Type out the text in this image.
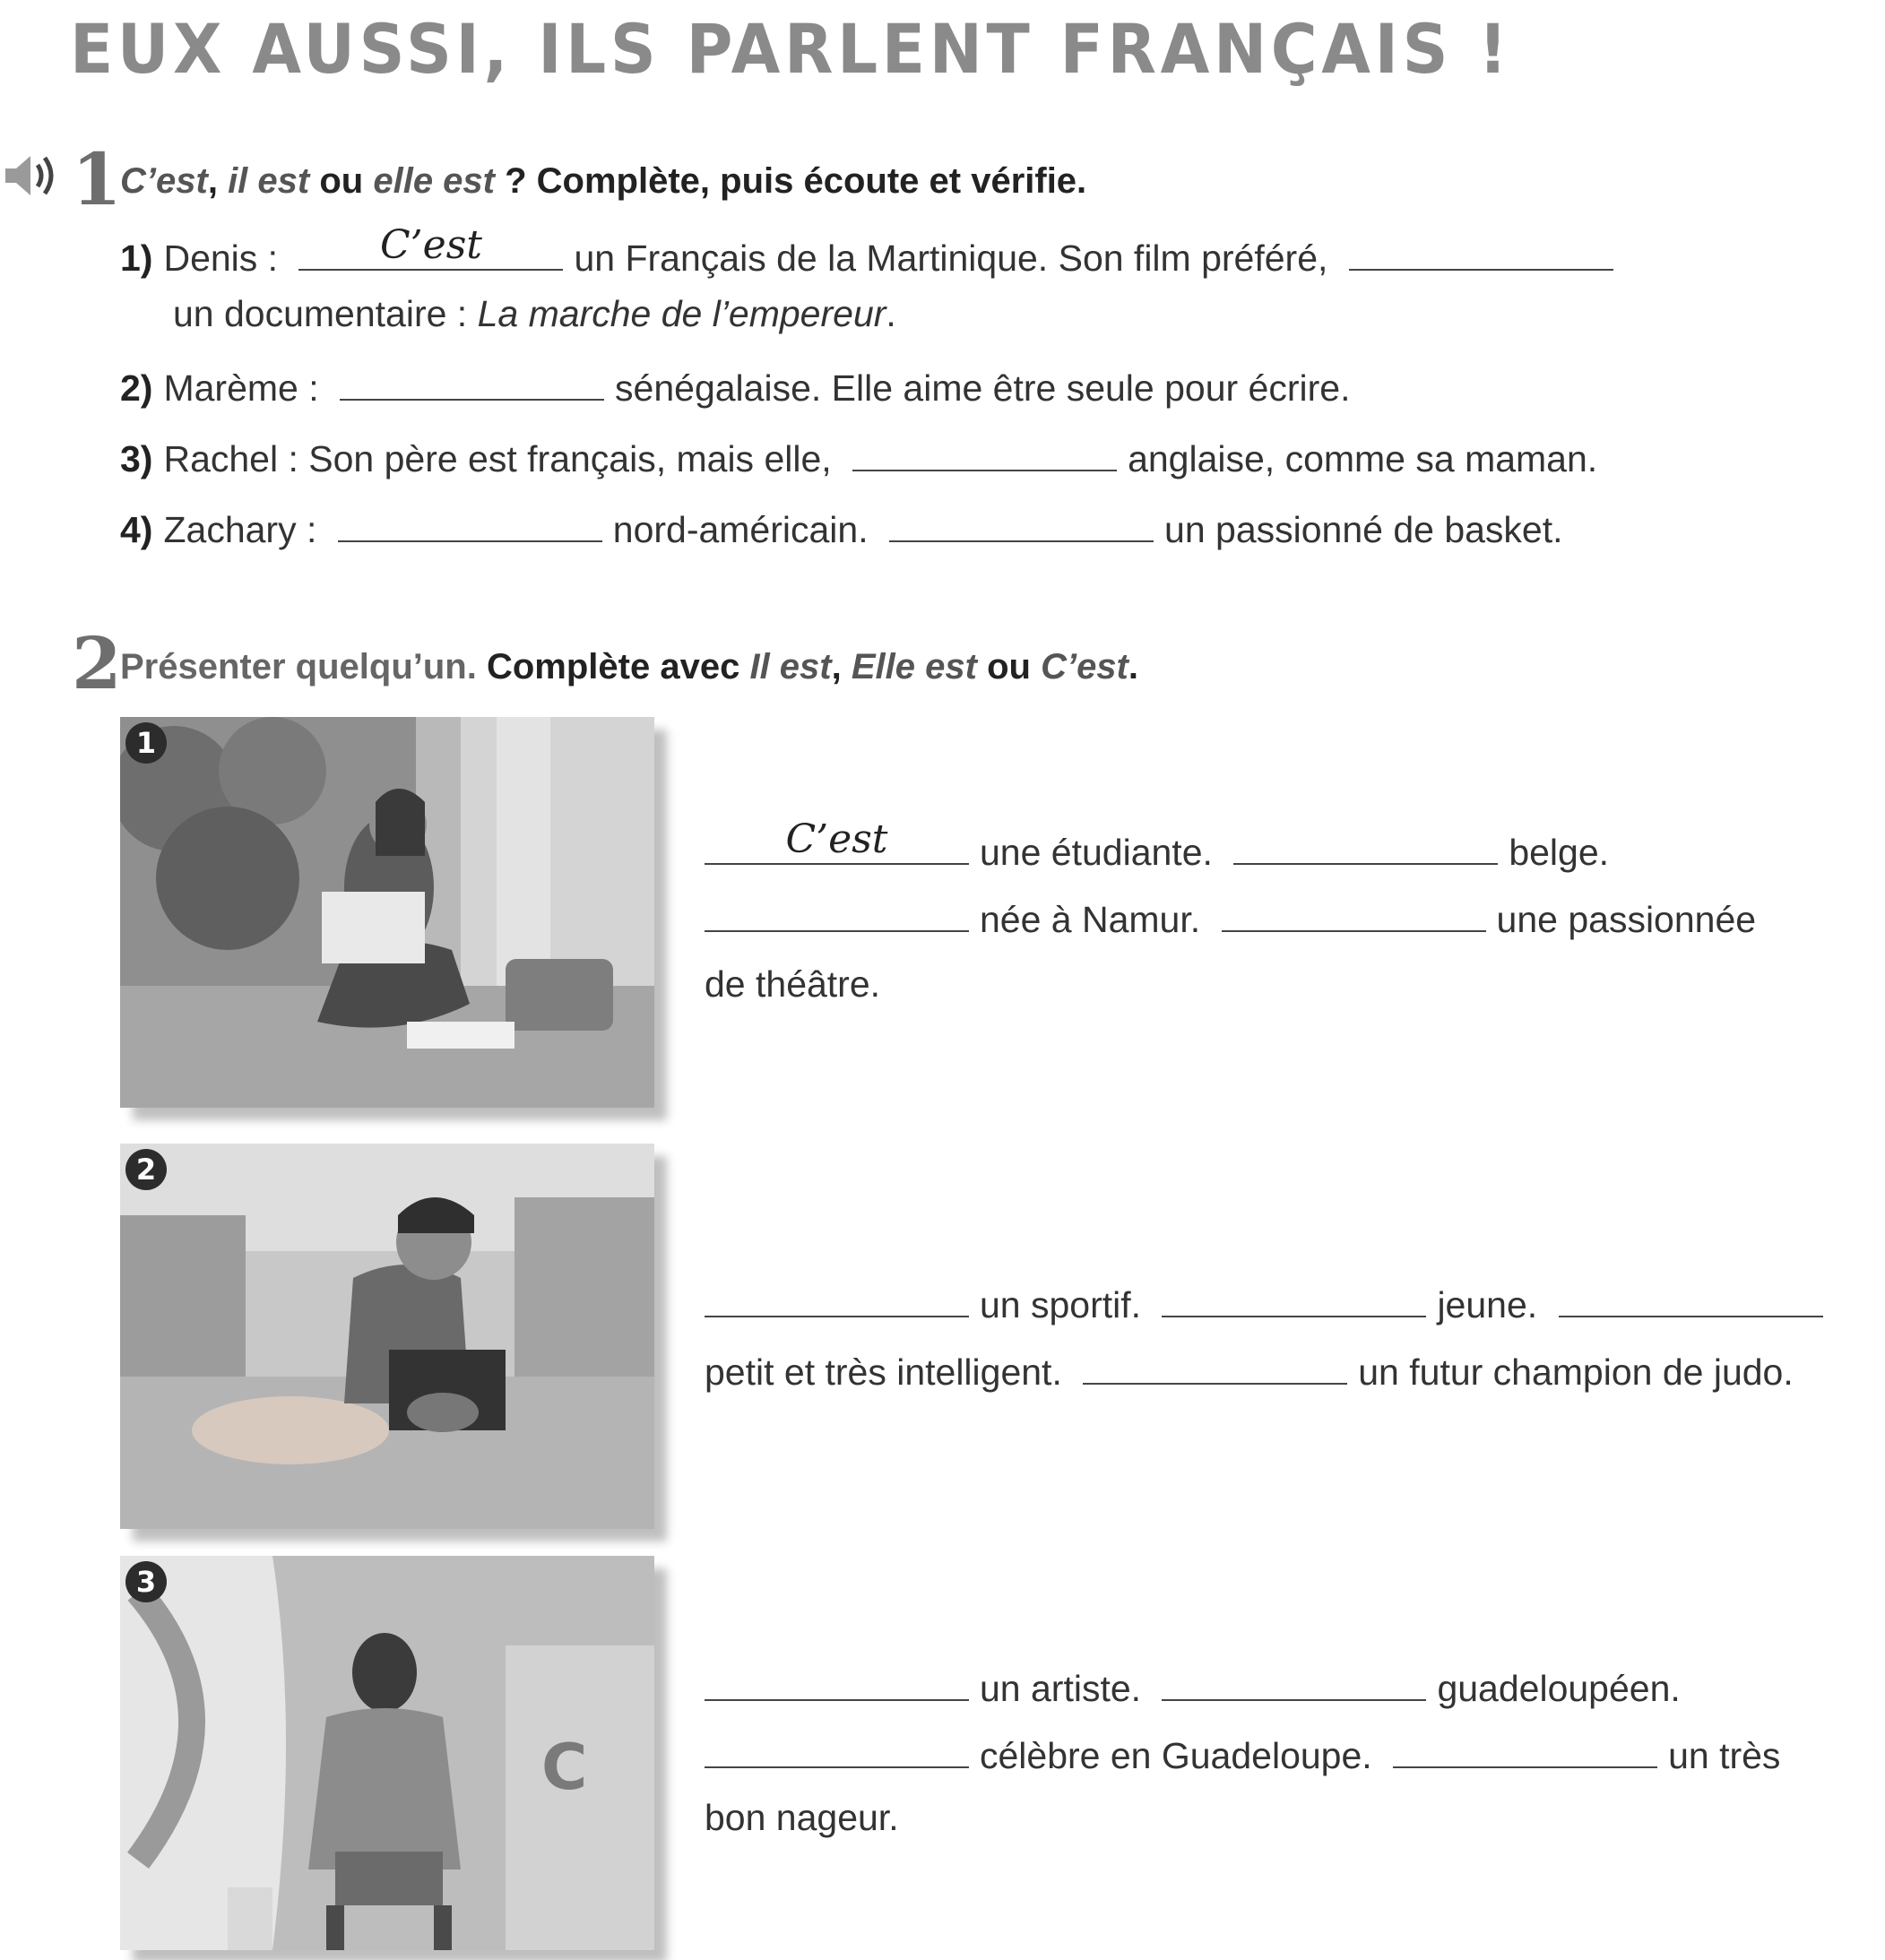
EUX AUSSI, ILS PARLENT FRANÇAIS !
1
C’est, il est ou elle est ? Complète, puis écoute et vérifie.
1) Denis :	C’est	un Français de la Martinique. Son film préféré,
un documentaire : La marche de l’empereur.
2) Marème :	sénégalaise. Elle aime être seule pour écrire.
3) Rachel : Son père est français, mais elle,	anglaise, comme sa maman.
4) Zachary :	nord-américain.	un passionné de basket.
2
Présenter quelqu’un. Complète avec Il est, Elle est ou C’est.
1
2
C
3
C’est	une étudiante.	belge.
née à Namur.	une passionnée
de théâtre.
un sportif.	jeune.
petit et très intelligent.	un futur champion de judo.
un artiste.	guadeloupéen.
célèbre en Guadeloupe.	un très
bon nageur.
